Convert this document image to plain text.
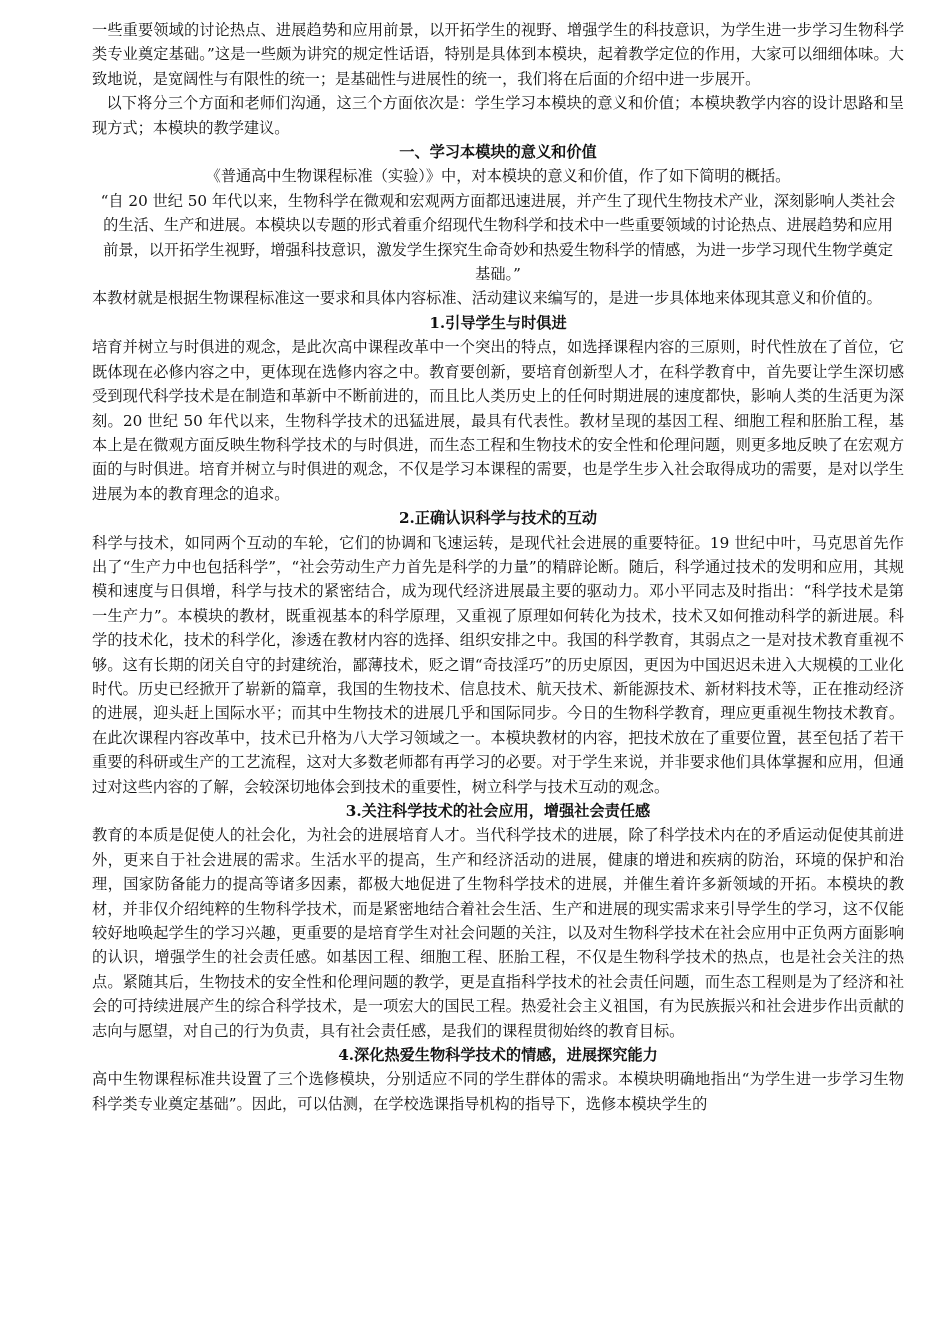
一些重要领域的讨论热点、进展趋势和应用前景，以开拓学生的视野、增强学生的科技意识，为学生进一步学习生物科学类专业奠定基础。”这是一些颇为讲究的规定性话语，特别是具体到本模块，起着教学定位的作用，大家可以细细体味。大致地说，是宽阔性与有限性的统一；是基础性与进展性的统一，我们将在后面的介绍中进一步展开。

以下将分三个方面和老师们沟通，这三个方面依次是：学生学习本模块的意义和价值；本模块教学内容的设计思路和呈现方式；本模块的教学建议。

一、学习本模块的意义和价值

《普通高中生物课程标准（实验）》中，对本模块的意义和价值，作了如下简明的概括。

“自 20 世纪 50 年代以来，生物科学在微观和宏观两方面都迅速进展，并产生了现代生物技术产业，深刻影响人类社会的生活、生产和进展。本模块以专题的形式着重介绍现代生物科学和技术中一些重要领域的讨论热点、进展趋势和应用前景，以开拓学生视野，增强科技意识，激发学生探究生命奇妙和热爱生物科学的情感，为进一步学习现代生物学奠定基础。”

本教材就是根据生物课程标准这一要求和具体内容标准、活动建议来编写的，是进一步具体地来体现其意义和价值的。

1.引导学生与时俱进

培育并树立与时俱进的观念，是此次高中课程改革中一个突出的特点，如选择课程内容的三原则，时代性放在了首位，它既体现在必修内容之中，更体现在选修内容之中。教育要创新，要培育创新型人才，在科学教育中，首先要让学生深切感受到现代科学技术是在制造和革新中不断前进的，而且比人类历史上的任何时期进展的速度都快，影响人类的生活更为深刻。20 世纪 50 年代以来，生物科学技术的迅猛进展，最具有代表性。教材呈现的基因工程、细胞工程和胚胎工程，基本上是在微观方面反映生物科学技术的与时俱进，而生态工程和生物技术的安全性和伦理问题，则更多地反映了在宏观方面的与时俱进。培育并树立与时俱进的观念，不仅是学习本课程的需要，也是学生步入社会取得成功的需要，是对以学生进展为本的教育理念的追求。

2.正确认识科学与技术的互动

科学与技术，如同两个互动的车轮，它们的协调和飞速运转，是现代社会进展的重要特征。19 世纪中叶，马克思首先作出了“生产力中也包括科学”，“社会劳动生产力首先是科学的力量”的精辟论断。随后，科学通过技术的发明和应用，其规模和速度与日俱增，科学与技术的紧密结合，成为现代经济进展最主要的驱动力。邓小平同志及时指出：“科学技术是第一生产力”。本模块的教材，既重视基本的科学原理，又重视了原理如何转化为技术，技术又如何推动科学的新进展。科学的技术化，技术的科学化，渗透在教材内容的选择、组织安排之中。我国的科学教育，其弱点之一是对技术教育重视不够。这有长期的闭关自守的封建统治，鄙薄技术，贬之谓“奇技淫巧”的历史原因，更因为中国迟迟未进入大规模的工业化时代。历史已经掀开了崭新的篇章，我国的生物技术、信息技术、航天技术、新能源技术、新材料技术等，正在推动经济的进展，迎头赶上国际水平；而其中生物技术的进展几乎和国际同步。今日的生物科学教育，理应更重视生物技术教育。在此次课程内容改革中，技术已升格为八大学习领域之一。本模块教材的内容，把技术放在了重要位置，甚至包括了若干重要的科研或生产的工艺流程，这对大多数老师都有再学习的必要。对于学生来说，并非要求他们具体掌握和应用，但通过对这些内容的了解，会较深切地体会到技术的重要性，树立科学与技术互动的观念。

3.关注科学技术的社会应用，增强社会责任感

教育的本质是促使人的社会化，为社会的进展培育人才。当代科学技术的进展，除了科学技术内在的矛盾运动促使其前进外，更来自于社会进展的需求。生活水平的提高，生产和经济活动的进展，健康的增进和疾病的防治，环境的保护和治理，国家防备能力的提高等诸多因素，都极大地促进了生物科学技术的进展，并催生着许多新领域的开拓。本模块的教材，并非仅介绍纯粹的生物科学技术，而是紧密地结合着社会生活、生产和进展的现实需求来引导学生的学习，这不仅能较好地唤起学生的学习兴趣，更重要的是培育学生对社会问题的关注，以及对生物科学技术在社会应用中正负两方面影响的认识，增强学生的社会责任感。如基因工程、细胞工程、胚胎工程，不仅是生物科学技术的热点，也是社会关注的热点。紧随其后，生物技术的安全性和伦理问题的教学，更是直指科学技术的社会责任问题，而生态工程则是为了经济和社会的可持续进展产生的综合科学技术，是一项宏大的国民工程。热爱社会主义祖国，有为民族振兴和社会进步作出贡献的志向与愿望，对自己的行为负责，具有社会责任感，是我们的课程贯彻始终的教育目标。

4.深化热爱生物科学技术的情感，进展探究能力

高中生物课程标准共设置了三个选修模块，分别适应不同的学生群体的需求。本模块明确地指出“为学生进一步学习生物科学类专业奠定基础”。因此，可以估测，在学校选课指导机构的指导下，选修本模块学生的
